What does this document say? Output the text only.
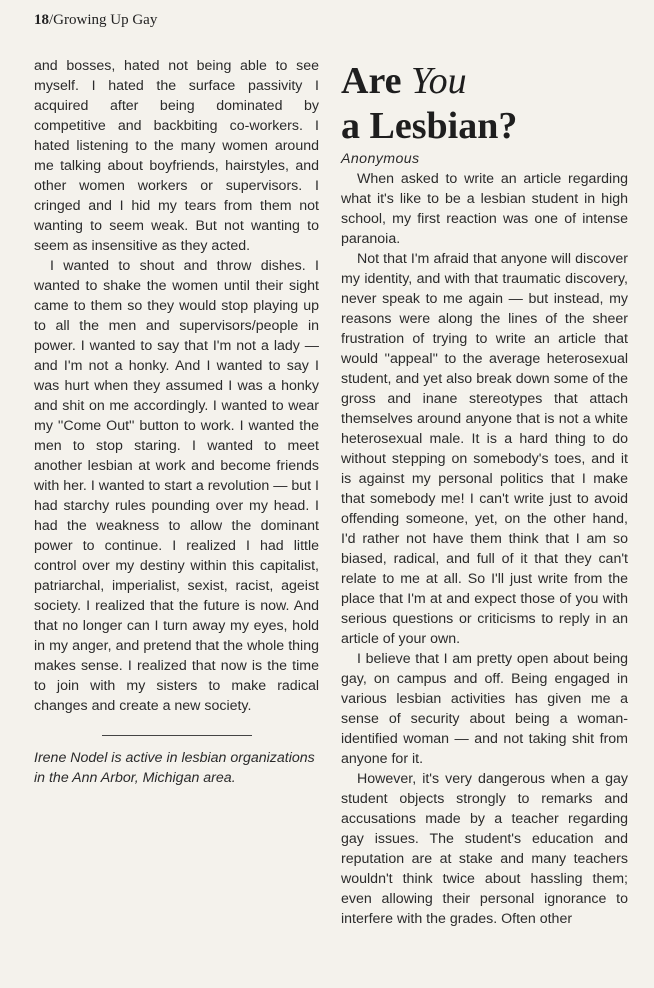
18/Growing Up Gay

and bosses, hated not being able to see myself. I hated the surface passivity I acquired after being dominated by competitive and backbiting co-workers. I hated listening to the many women around me talking about boyfriends, hairstyles, and other women workers or supervisors. I cringed and I hid my tears from them not wanting to seem weak. But not wanting to seem as insensitive as they acted.

I wanted to shout and throw dishes. I wanted to shake the women until their sight came to them so they would stop playing up to all the men and supervisors/people in power. I wanted to say that I'm not a lady — and I'm not a honky. And I wanted to say I was hurt when they assumed I was a honky and shit on me accordingly. I wanted to wear my ''Come Out'' button to work. I wanted the men to stop staring. I wanted to meet another lesbian at work and become friends with her. I wanted to start a revolution — but I had starchy rules pounding over my head. I had the weakness to allow the dominant power to continue. I realized I had little control over my destiny within this capitalist, patriarchal, imperialist, sexist, racist, ageist society. I realized that the future is now. And that no longer can I turn away my eyes, hold in my anger, and pretend that the whole thing makes sense. I realized that now is the time to join with my sisters to make radical changes and create a new society.

Irene Nodel is active in lesbian organizations in the Ann Arbor, Michigan area.

Are You
a Lesbian?

Anonymous

When asked to write an article regarding what it's like to be a lesbian student in high school, my first reaction was one of intense paranoia.

Not that I'm afraid that anyone will discover my identity, and with that traumatic discovery, never speak to me again — but instead, my reasons were along the lines of the sheer frustration of trying to write an article that would ''appeal'' to the average heterosexual student, and yet also break down some of the gross and inane stereotypes that attach themselves around anyone that is not a white heterosexual male. It is a hard thing to do without stepping on somebody's toes, and it is against my personal politics that I make that somebody me! I can't write just to avoid offending someone, yet, on the other hand, I'd rather not have them think that I am so biased, radical, and full of it that they can't relate to me at all. So I'll just write from the place that I'm at and expect those of you with serious questions or criticisms to reply in an article of your own.

I believe that I am pretty open about being gay, on campus and off. Being engaged in various lesbian activities has given me a sense of security about being a woman-identified woman — and not taking shit from anyone for it.

However, it's very dangerous when a gay student objects strongly to remarks and accusations made by a teacher regarding gay issues. The student's education and reputation are at stake and many teachers wouldn't think twice about hassling them; even allowing their personal ignorance to interfere with the grades. Often other
